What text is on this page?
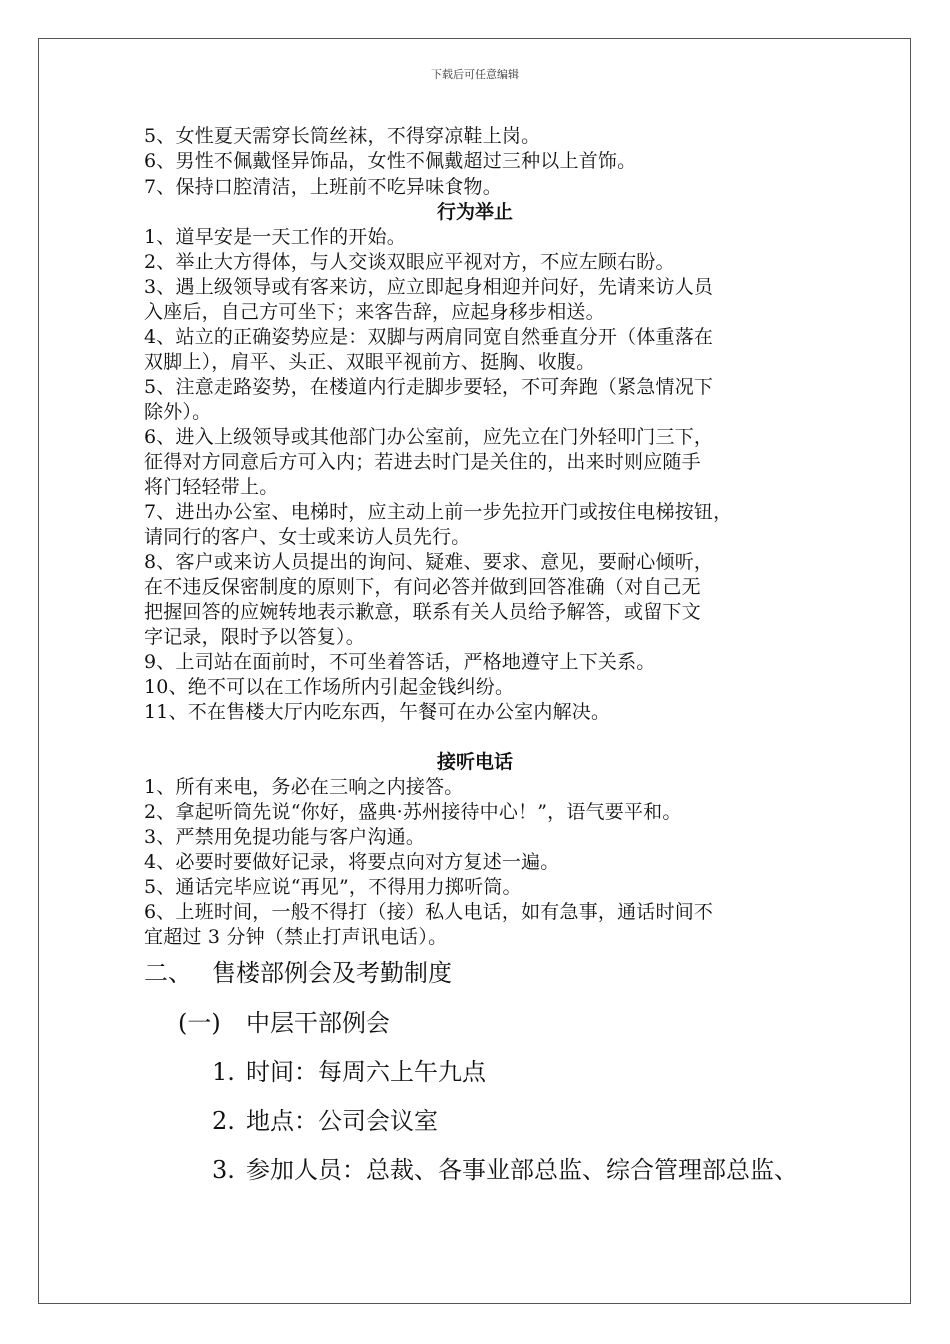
下载后可任意编辑
5、女性夏天需穿长筒丝袜，不得穿凉鞋上岗。
6、男性不佩戴怪异饰品，女性不佩戴超过三种以上首饰。
7、保持口腔清洁，上班前不吃异味食物。
行为举止
1、道早安是一天工作的开始。
2、举止大方得体，与人交谈双眼应平视对方，不应左顾右盼。
3、遇上级领导或有客来访，应立即起身相迎并问好，先请来访人员
入座后，自己方可坐下；来客告辞，应起身移步相送。
4、站立的正确姿势应是：双脚与两肩同宽自然垂直分开（体重落在
双脚上），肩平、头正、双眼平视前方、挺胸、收腹。
5、注意走路姿势，在楼道内行走脚步要轻，不可奔跑（紧急情况下
除外）。
6、进入上级领导或其他部门办公室前，应先立在门外轻叩门三下，
征得对方同意后方可入内；若进去时门是关住的，出来时则应随手
将门轻轻带上。
7、进出办公室、电梯时，应主动上前一步先拉开门或按住电梯按钮，
请同行的客户、女士或来访人员先行。
8、客户或来访人员提出的询问、疑难、要求、意见，要耐心倾听，
在不违反保密制度的原则下，有问必答并做到回答准确（对自己无
把握回答的应婉转地表示歉意，联系有关人员给予解答，或留下文
字记录，限时予以答复）。
9、上司站在面前时，不可坐着答话，严格地遵守上下关系。
10、绝不可以在工作场所内引起金钱纠纷。
11、不在售楼大厅内吃东西，午餐可在办公室内解决。
接听电话
1、所有来电，务必在三响之内接答。
2、拿起听筒先说“你好，盛典·苏州接待中心！”，语气要平和。
3、严禁用免提功能与客户沟通。
4、必要时要做好记录，将要点向对方复述一遍。
5、通话完毕应说“再见”，不得用力掷听筒。
6、上班时间，一般不得打（接）私人电话，如有急事，通话时间不
宜超过 3 分钟（禁止打声讯电话）。
二、 售楼部例会及考勤制度
(一) 中层干部例会
1. 时间：每周六上午九点
2. 地点：公司会议室
3. 参加人员：总裁、各事业部总监、综合管理部总监、
